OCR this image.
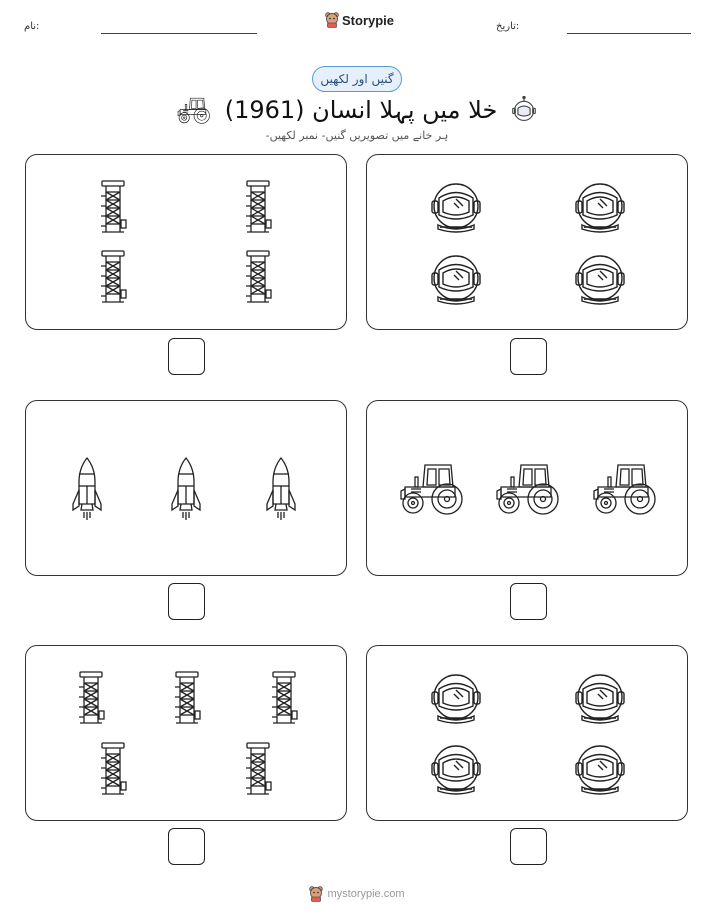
نام:	Storypie	تاریخ:
گنیں اور لکھیں
خلا میں پہلا انسان (1961)
ہر خانے میں تصویریں گنیں- نمبر لکھیں-
mystorypie.com
